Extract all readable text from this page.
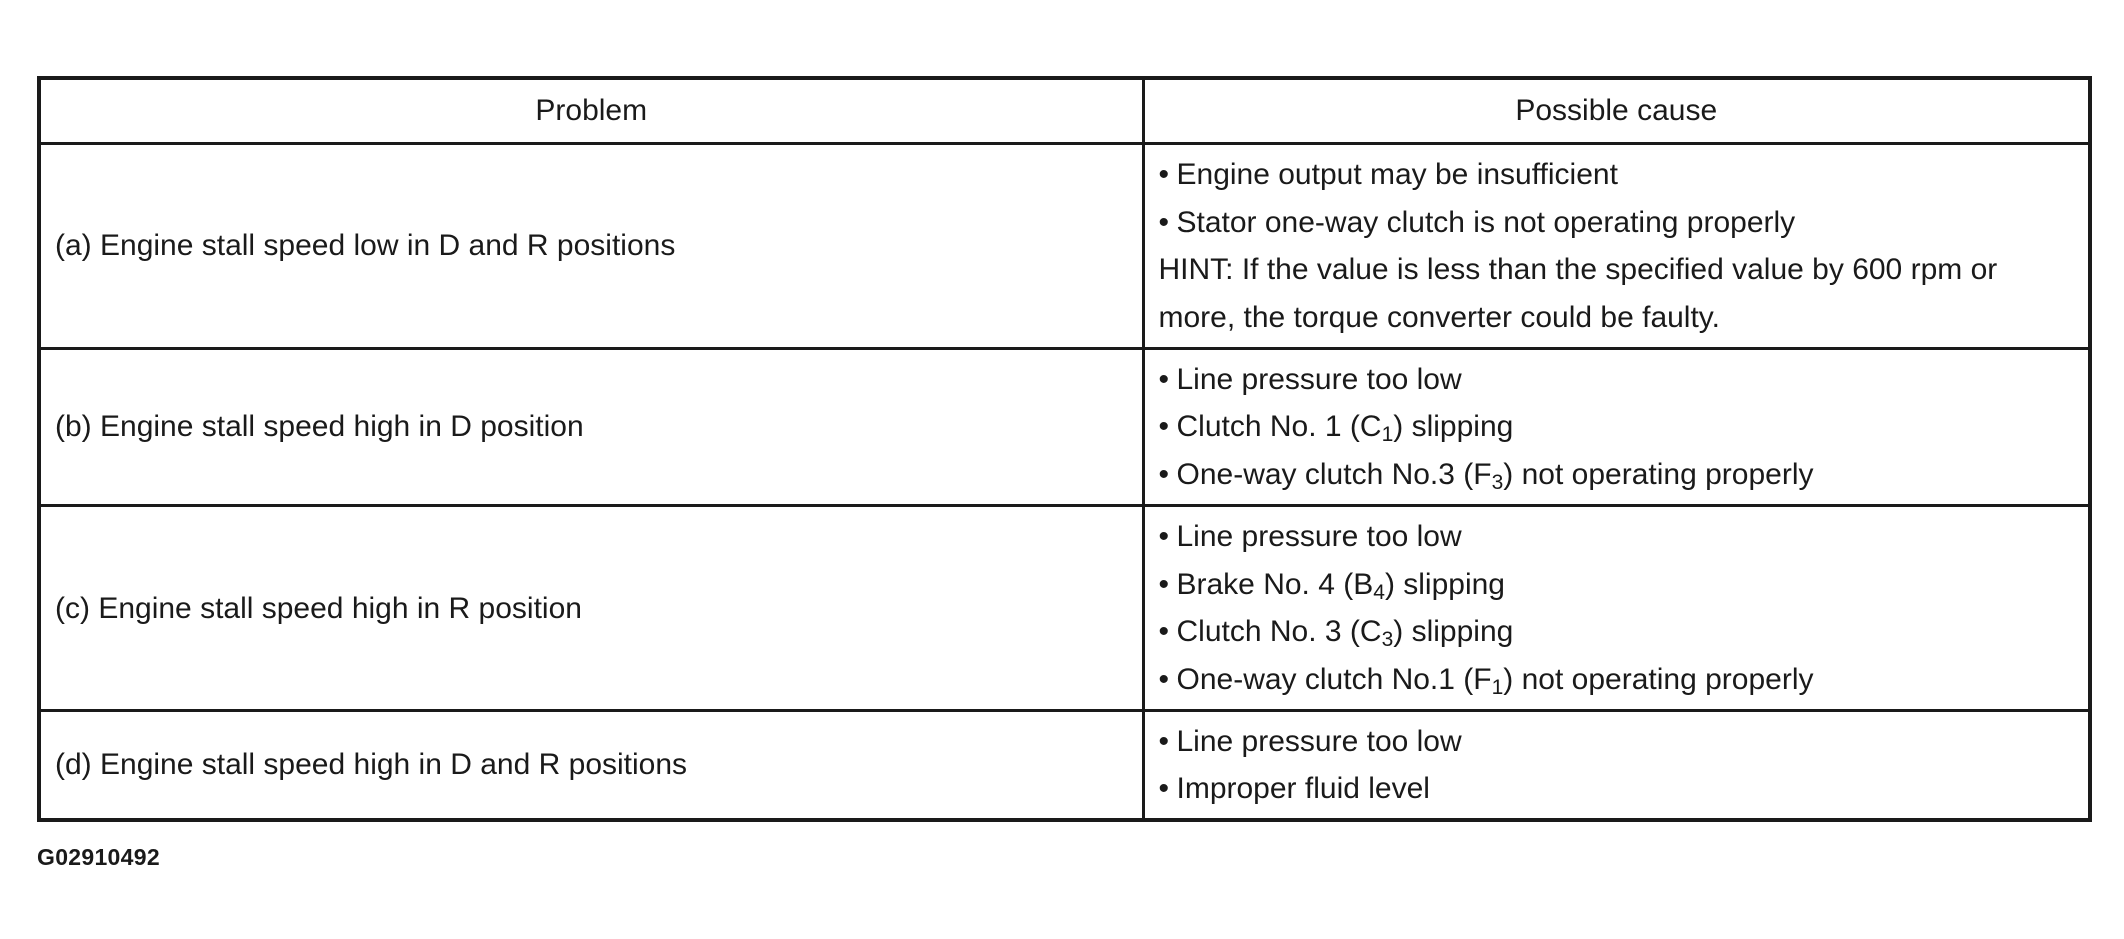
Problem	Possible cause
(a) Engine stall speed low in D and R positions	• Engine output may be insufficient
• Stator one-way clutch is not operating properly
HINT: If the value is less than the specified value by 600 rpm or more, the torque converter could be faulty.

(b) Engine stall speed high in D position	• Line pressure too low
• Clutch No. 1 $(C_1)$ slipping
• One-way clutch No.3 $(F_3)$ not operating properly

(c) Engine stall speed high in R position	• Line pressure too low
• Brake No. 4 $(B_4)$ slipping
• Clutch No. 3 $(C_3)$ slipping
• One-way clutch No.1 $(F_1)$ not operating properly

(d) Engine stall speed high in D and R positions	• Line pressure too low
• Improper fluid level
G02910492
